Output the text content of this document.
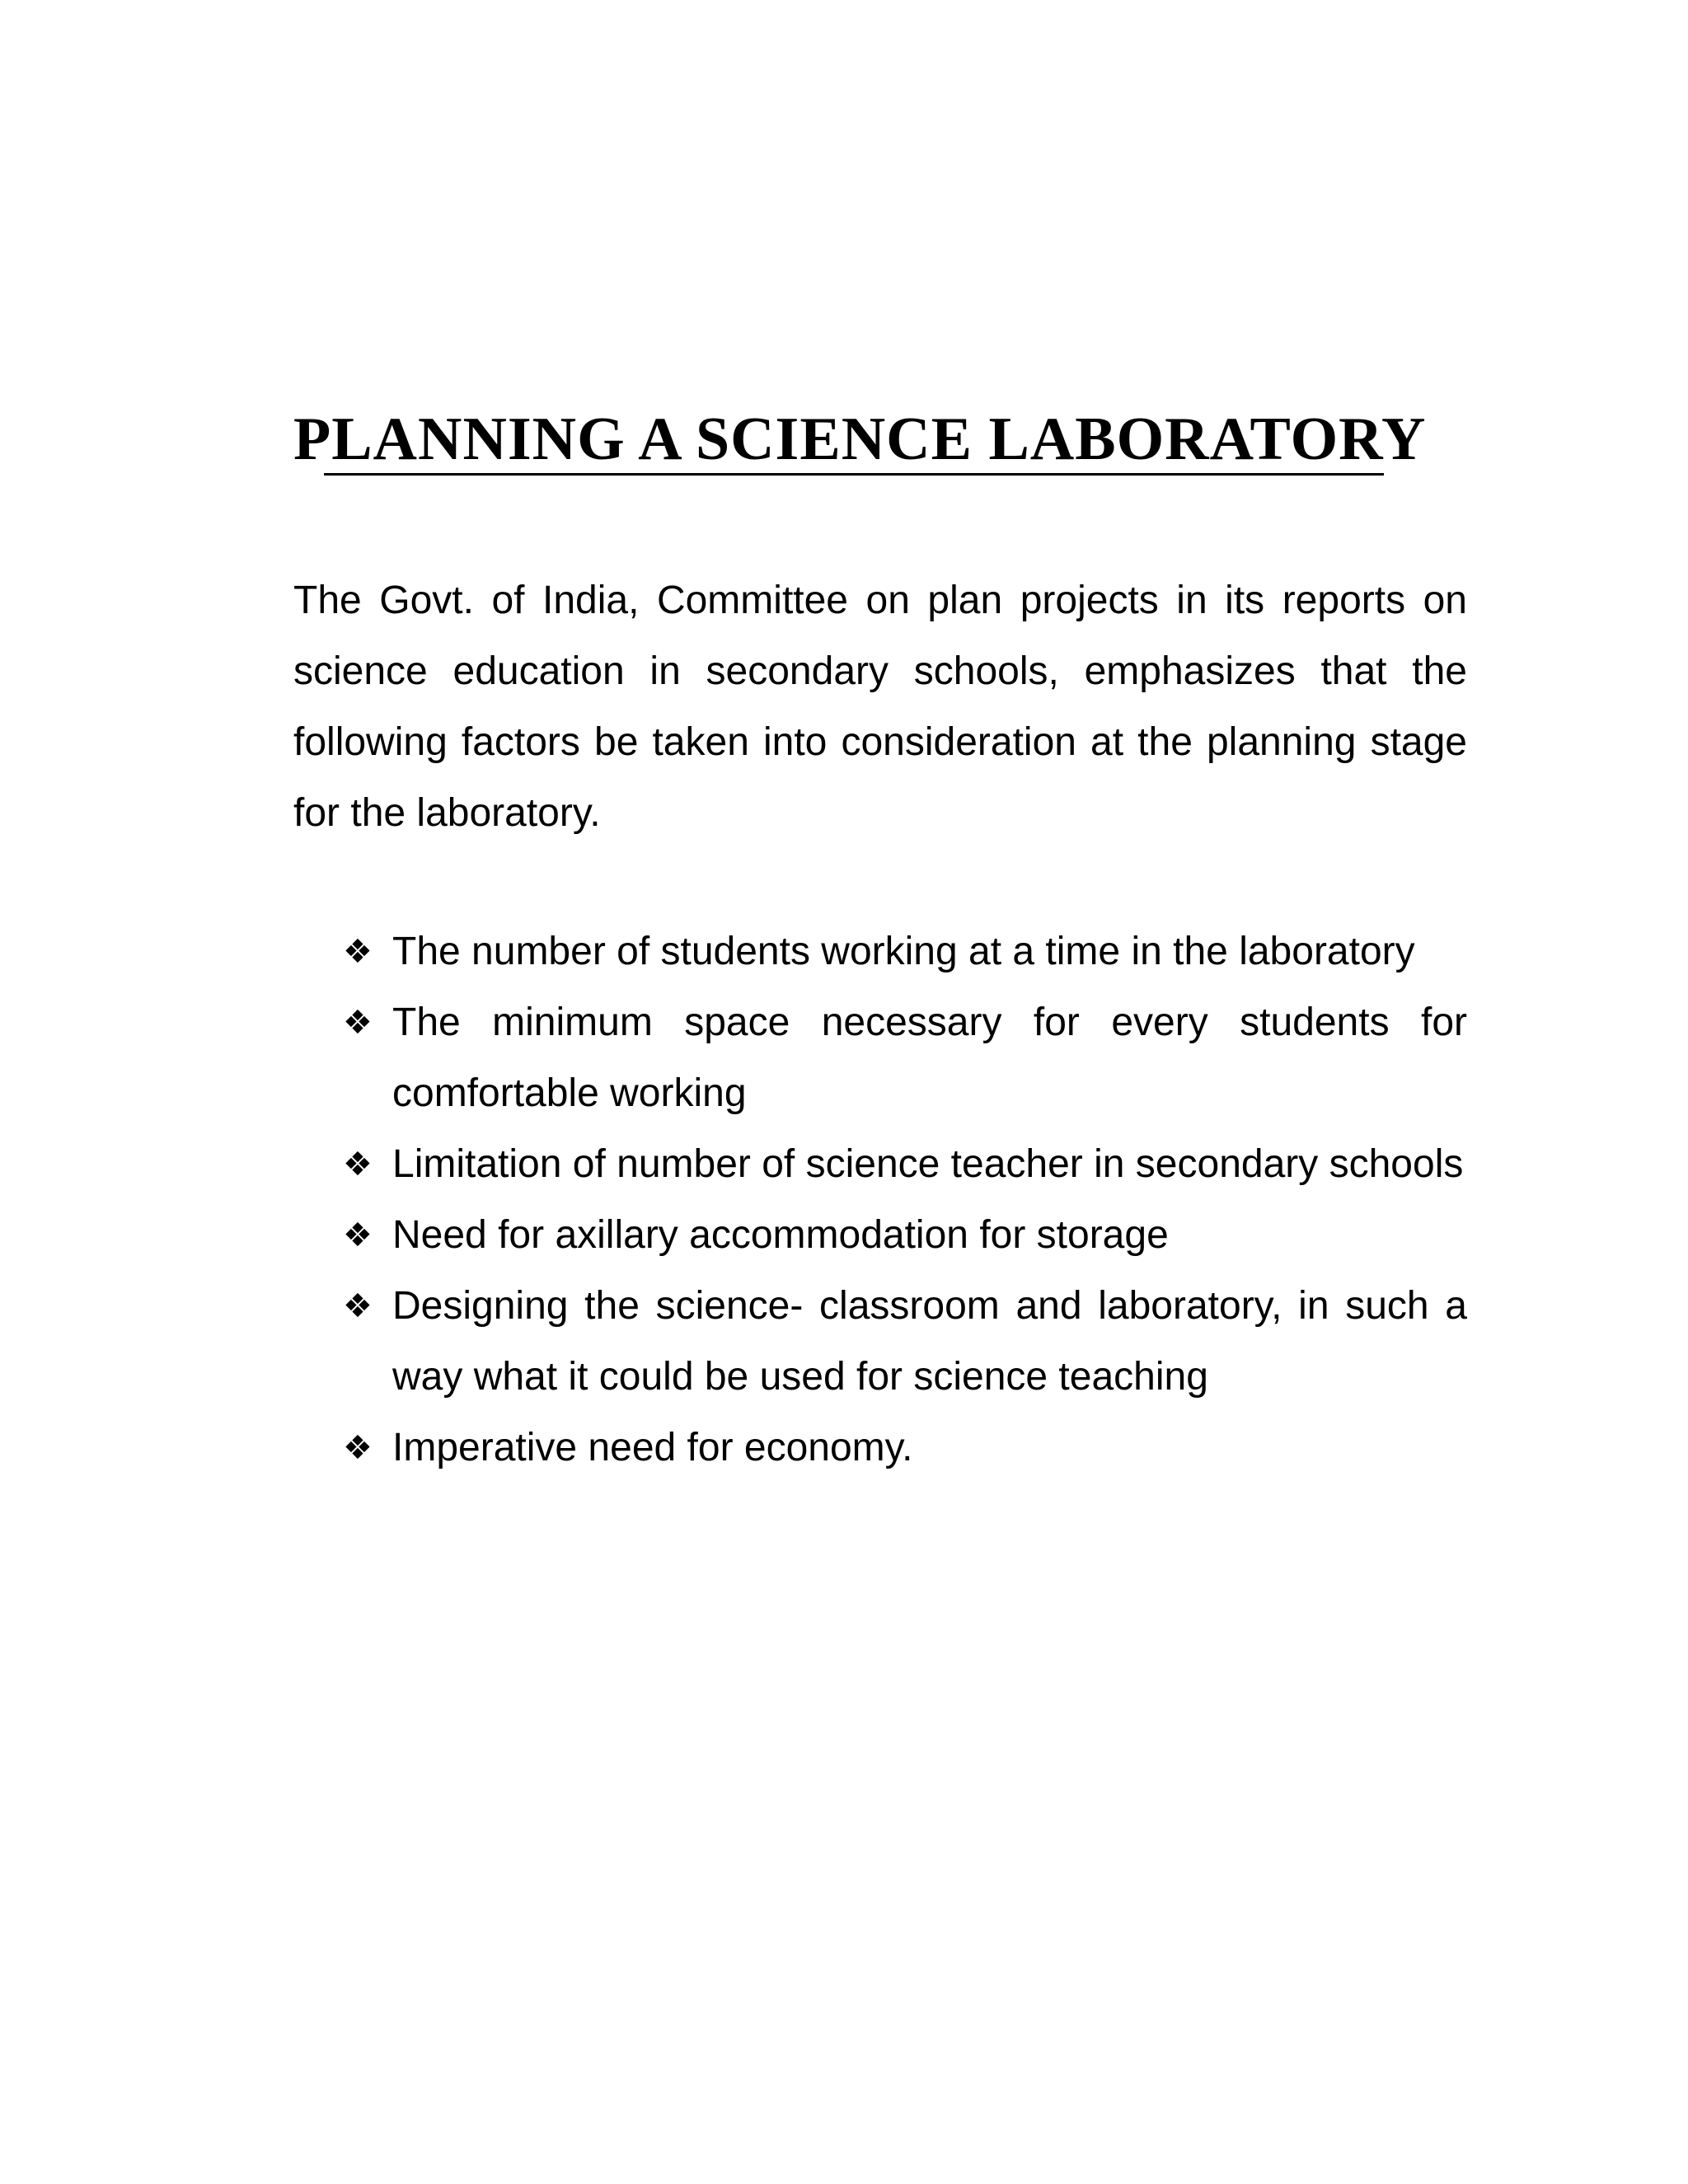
PLANNING A SCIENCE LABORATORY

The Govt. of India, Committee on plan projects in its reports on science education in secondary schools, emphasizes that the following factors be taken into consideration at the planning stage for the laboratory.

❖ The number of students working at a time in the laboratory
❖ The minimum space necessary for every students for comfortable working
❖ Limitation of number of science teacher in secondary schools
❖ Need for axillary accommodation for storage
❖ Designing the science- classroom and laboratory, in such a way what it could be used for science teaching
❖ Imperative need for economy.
